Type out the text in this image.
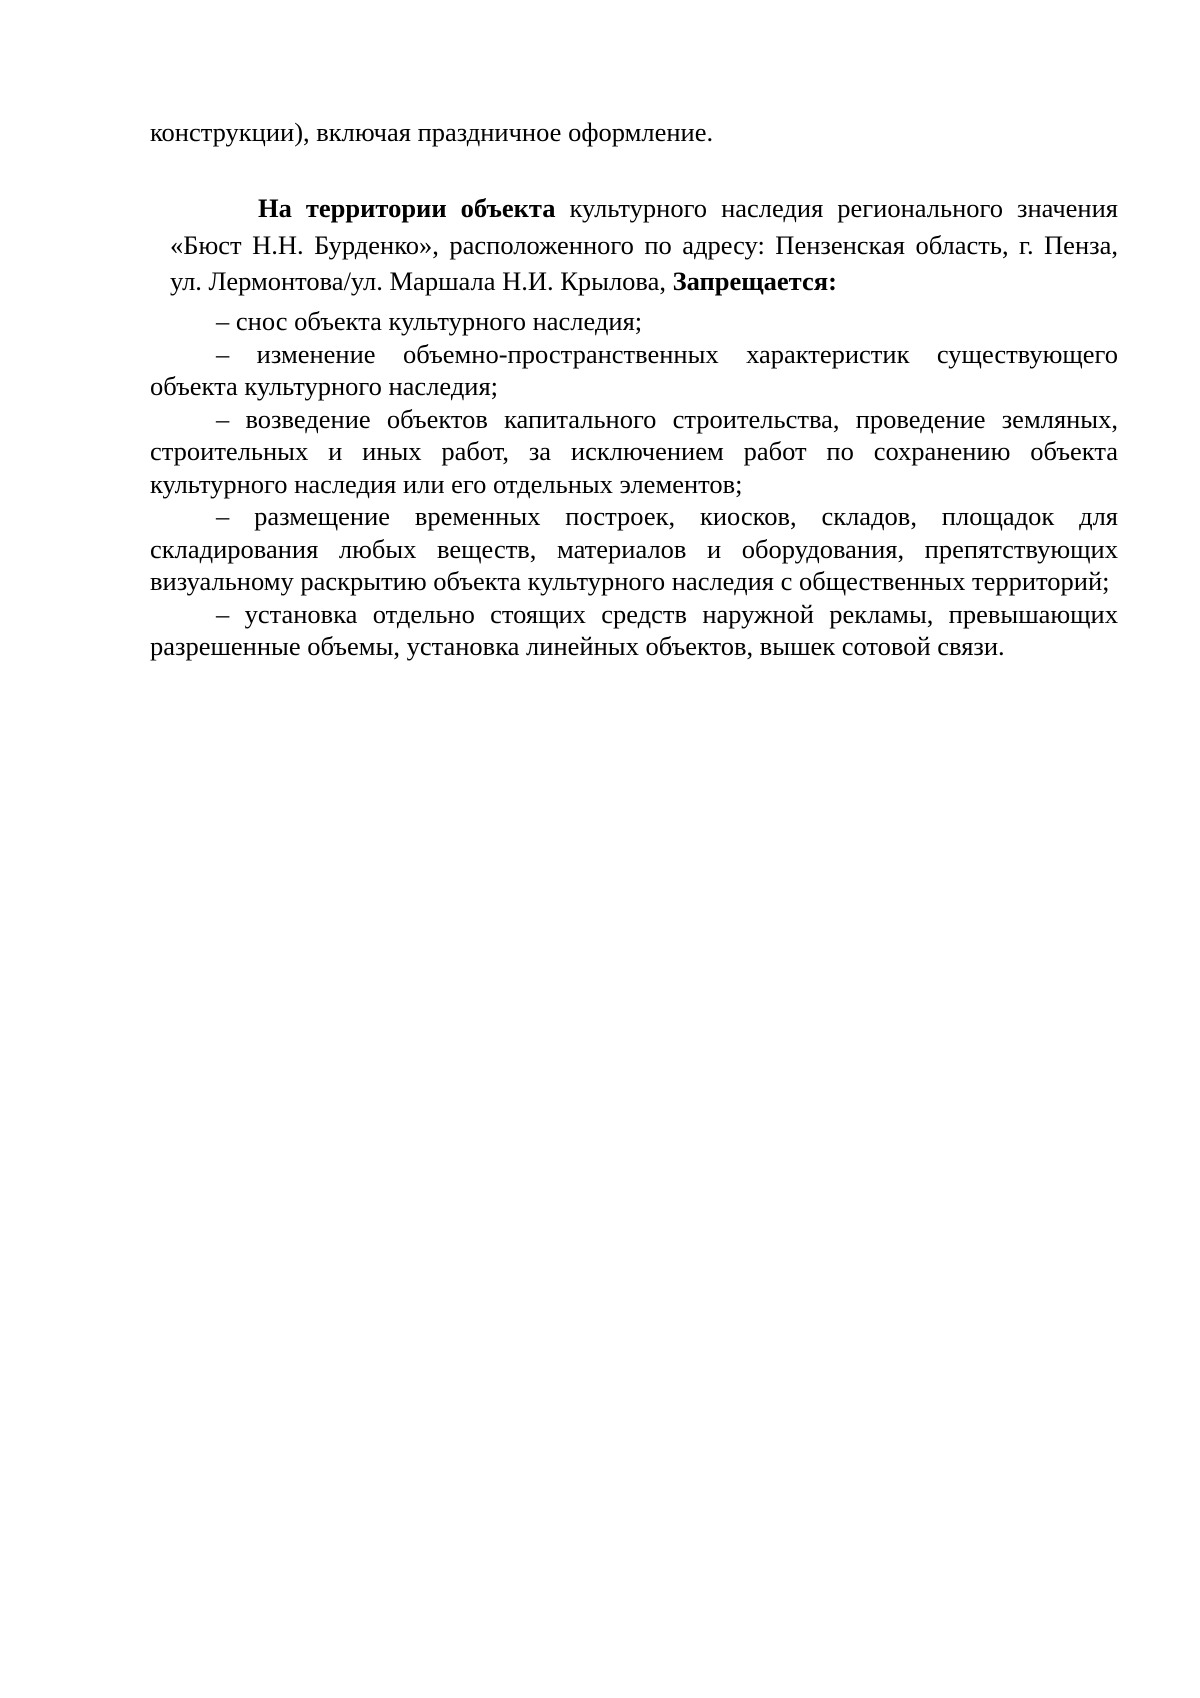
конструкции), включая праздничное оформление.
На территории объекта культурного наследия регионального значения «Бюст Н.Н. Бурденко», расположенного по адресу: Пензенская область, г. Пенза, ул. Лермонтова/ул. Маршала Н.И. Крылова, Запрещается:

– снос объекта культурного наследия;

– изменение объемно-пространственных характеристик существующего объекта культурного наследия;

– возведение объектов капитального строительства, проведение земляных, строительных и иных работ, за исключением работ по сохранению объекта культурного наследия или его отдельных элементов;

– размещение временных построек, киосков, складов, площадок для складирования любых веществ, материалов и оборудования, препятствующих визуальному раскрытию объекта культурного наследия с общественных территорий;

– установка отдельно стоящих средств наружной рекламы, превышающих разрешенные объемы, установка линейных объектов, вышек сотовой связи.
